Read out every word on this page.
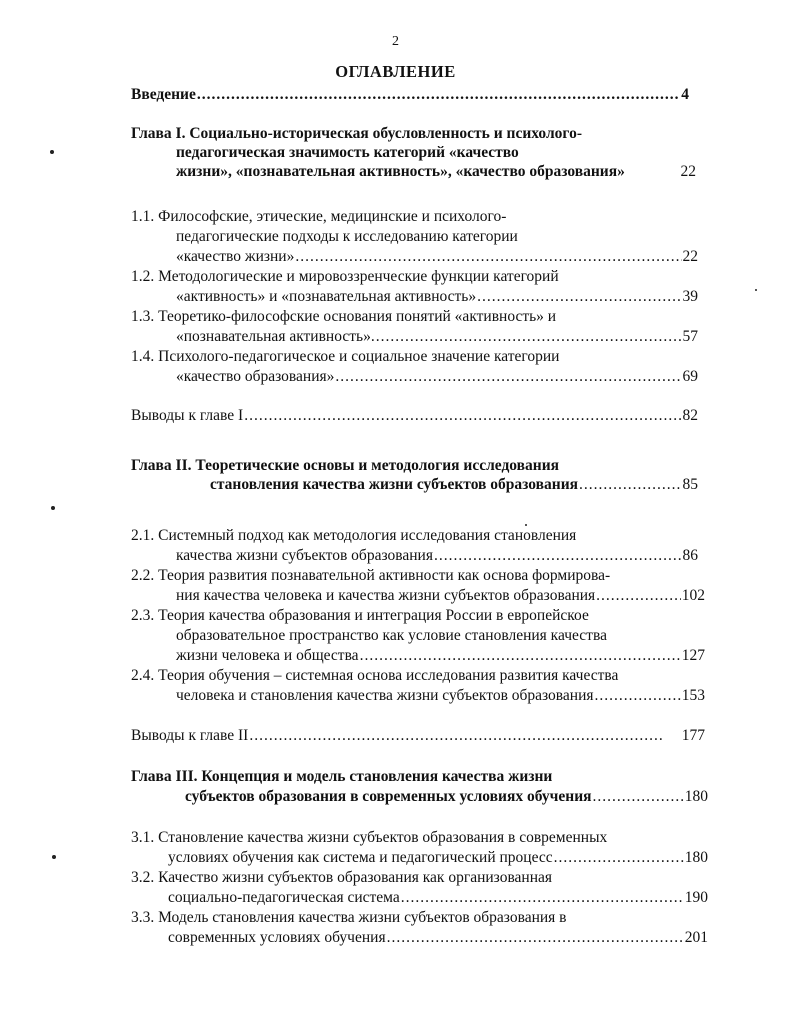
2
ОГЛАВЛЕНИЕ
Введение .....	4
Глава I. Социально-историческая обусловленность и психолого-
педагогическая значимость категорий «качество
жизни», «познавательная активность», «качество образования»	22
1.1. Философские, этические, медицинские и психолого-
педагогические подходы к исследованию категории
«качество жизни» .....	22
1.2. Методологические и мировоззренческие функции категорий
«активность» и «познавательная активность» .....	39
1.3. Теоретико-философские основания понятий «активность» и
«познавательная активность». .....	57
1.4. Психолого-педагогическое и социальное значение категории
«качество образования» .....	69
Выводы к главе I .....	82
Глава II. Теоретические основы и методология исследования
становления качества жизни субъектов образования .....	85
2.1. Системный подход как методология исследования становления
качества жизни субъектов образования .....	86
2.2. Теория развития познавательной активности как основа формирова-
ния качества человека и качества жизни субъектов образования .....	102
2.3. Теория качества образования и интеграция России в европейское
образовательное пространство как условие становления качества
жизни человека и общества .....	127
2.4. Теория обучения – системная основа исследования развития качества
человека и становления качества жизни субъектов образования .....	153
Выводы к главе II .....	177
Глава III. Концепция и модель становления качества жизни
субъектов образования в современных условиях обучения .....	180
3.1. Становление качества жизни субъектов образования в современных
условиях обучения как система и педагогический процесс .....	180
3.2. Качество жизни субъектов образования как организованная
социально-педагогическая система .....	190
3.3. Модель становления качества жизни субъектов образования в
современных условиях обучения .....	201
